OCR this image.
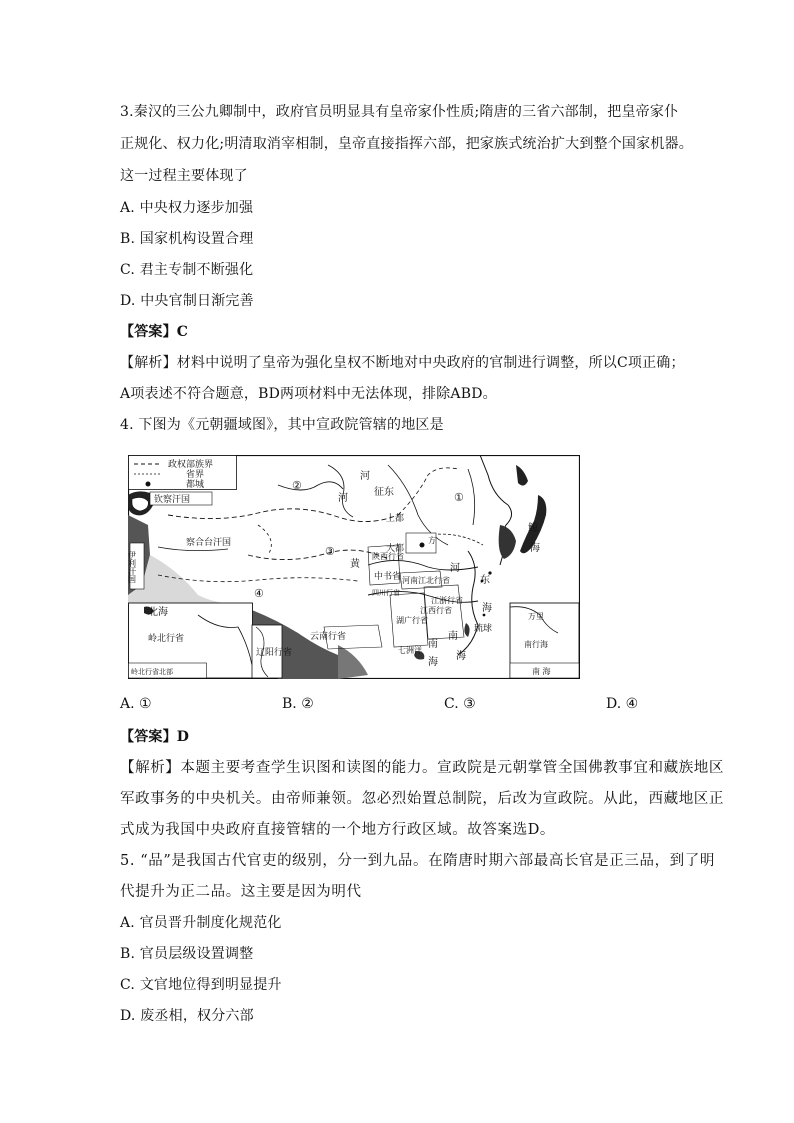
3.秦汉的三公九卿制中，政府官员明显具有皇帝家仆性质;隋唐的三省六部制，把皇帝家仆
正规化、权力化;明清取消宰相制，皇帝直接指挥六部，把家族式统治扩大到整个国家机器。
这一过程主要体现了
A. 中央权力逐步加强
B. 国家机构设置合理
C. 君主专制不断强化
D. 中央官制日渐完善
【答案】C
【解析】材料中说明了皇帝为强化皇权不断地对中央政府的官制进行调整，所以C项正确；
A项表述不符合题意，BD两项材料中无法体现，排除ABD。
4. 下图为《元朝疆域图》，其中宣政院管辖的地区是
政权部族界
省界
都城
钦察汗国
伊利汗国
察合台汗国
②
③
④
①
河
征东
河
上都
大都
方
中书省
黄	河
陕西行省
河南江北行省
四川行省
江浙行省
江西行省
湖广行省
云南行省
东
海
琉球
鲸
海
南
海
南
海
七洲洋
北海
岭北行省
岭北行省北部
辽阳行省
万里
南行海
南 海
A. ①	B. ②	C. ③	D. ④
【答案】D
【解析】本题主要考查学生识图和读图的能力。宣政院是元朝掌管全国佛教事宜和藏族地区
军政事务的中央机关。由帝师兼领。忽必烈始置总制院，后改为宣政院。从此，西藏地区正
式成为我国中央政府直接管辖的一个地方行政区域。故答案选D。
5. “品”是我国古代官吏的级别，分一到九品。在隋唐时期六部最高长官是正三品，到了明
代提升为正二品。这主要是因为明代
A. 官员晋升制度化规范化
B. 官员层级设置调整
C. 文官地位得到明显提升
D. 废丞相，权分六部
